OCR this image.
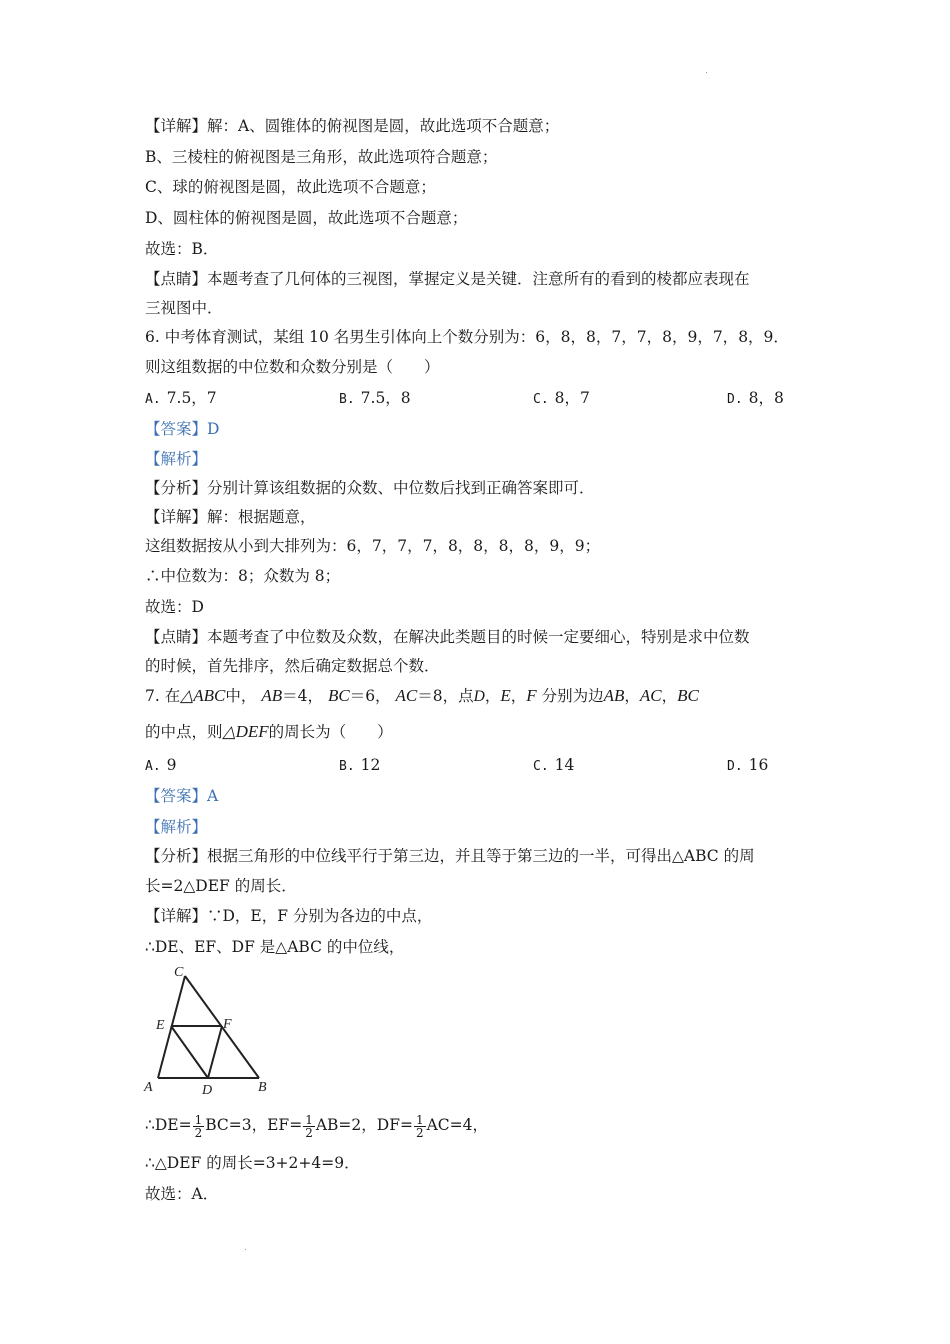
【详解】解：A、圆锥体的俯视图是圆，故此选项不合题意；
B、三棱柱的俯视图是三角形，故此选项符合题意；
C、球的俯视图是圆，故此选项不合题意；
D、圆柱体的俯视图是圆，故此选项不合题意；
故选：B．
【点睛】本题考查了几何体的三视图，掌握定义是关键．注意所有的看到的棱都应表现在
三视图中．
6. 中考体育测试，某组 10 名男生引体向上个数分别为：6，8，8，7，7，8，9，7，8，9．
则这组数据的中位数和众数分别是（　　）
A. 7.5，7	B. 7.5，8	C. 8，7	D. 8，8
【答案】D
【解析】
【分析】分别计算该组数据的众数、中位数后找到正确答案即可．
【详解】解：根据题意，
这组数据按从小到大排列为：6，7，7，7，8，8，8，8，9，9；
∴中位数为：8；众数为 8；
故选：D
【点睛】本题考查了中位数及众数，在解决此类题目的时候一定要细心，特别是求中位数
的时候，首先排序，然后确定数据总个数．
7. 在△ABC中， AB＝4， BC＝6， AC＝8，点D，E，F 分别为边AB，AC，BC
的中点，则△DEF的周长为（　　）
A. 9	B. 12	C. 14	D. 16
【答案】A
【解析】
【分析】根据三角形的中位线平行于第三边，并且等于第三边的一半，可得出△ABC 的周
长=2△DEF 的周长．
【详解】∵D，E，F 分别为各边的中点，
∴DE、EF、DF 是△ABC 的中位线，
C
E	F
A	D	B
∴DE= $\frac{1}{2} BC=3$，$EF= \frac{1}{2} AB=2$，$DF= \frac{1}{2} AC=4$，
∴△DEF 的周长=3+2+4=9．
故选：A．
